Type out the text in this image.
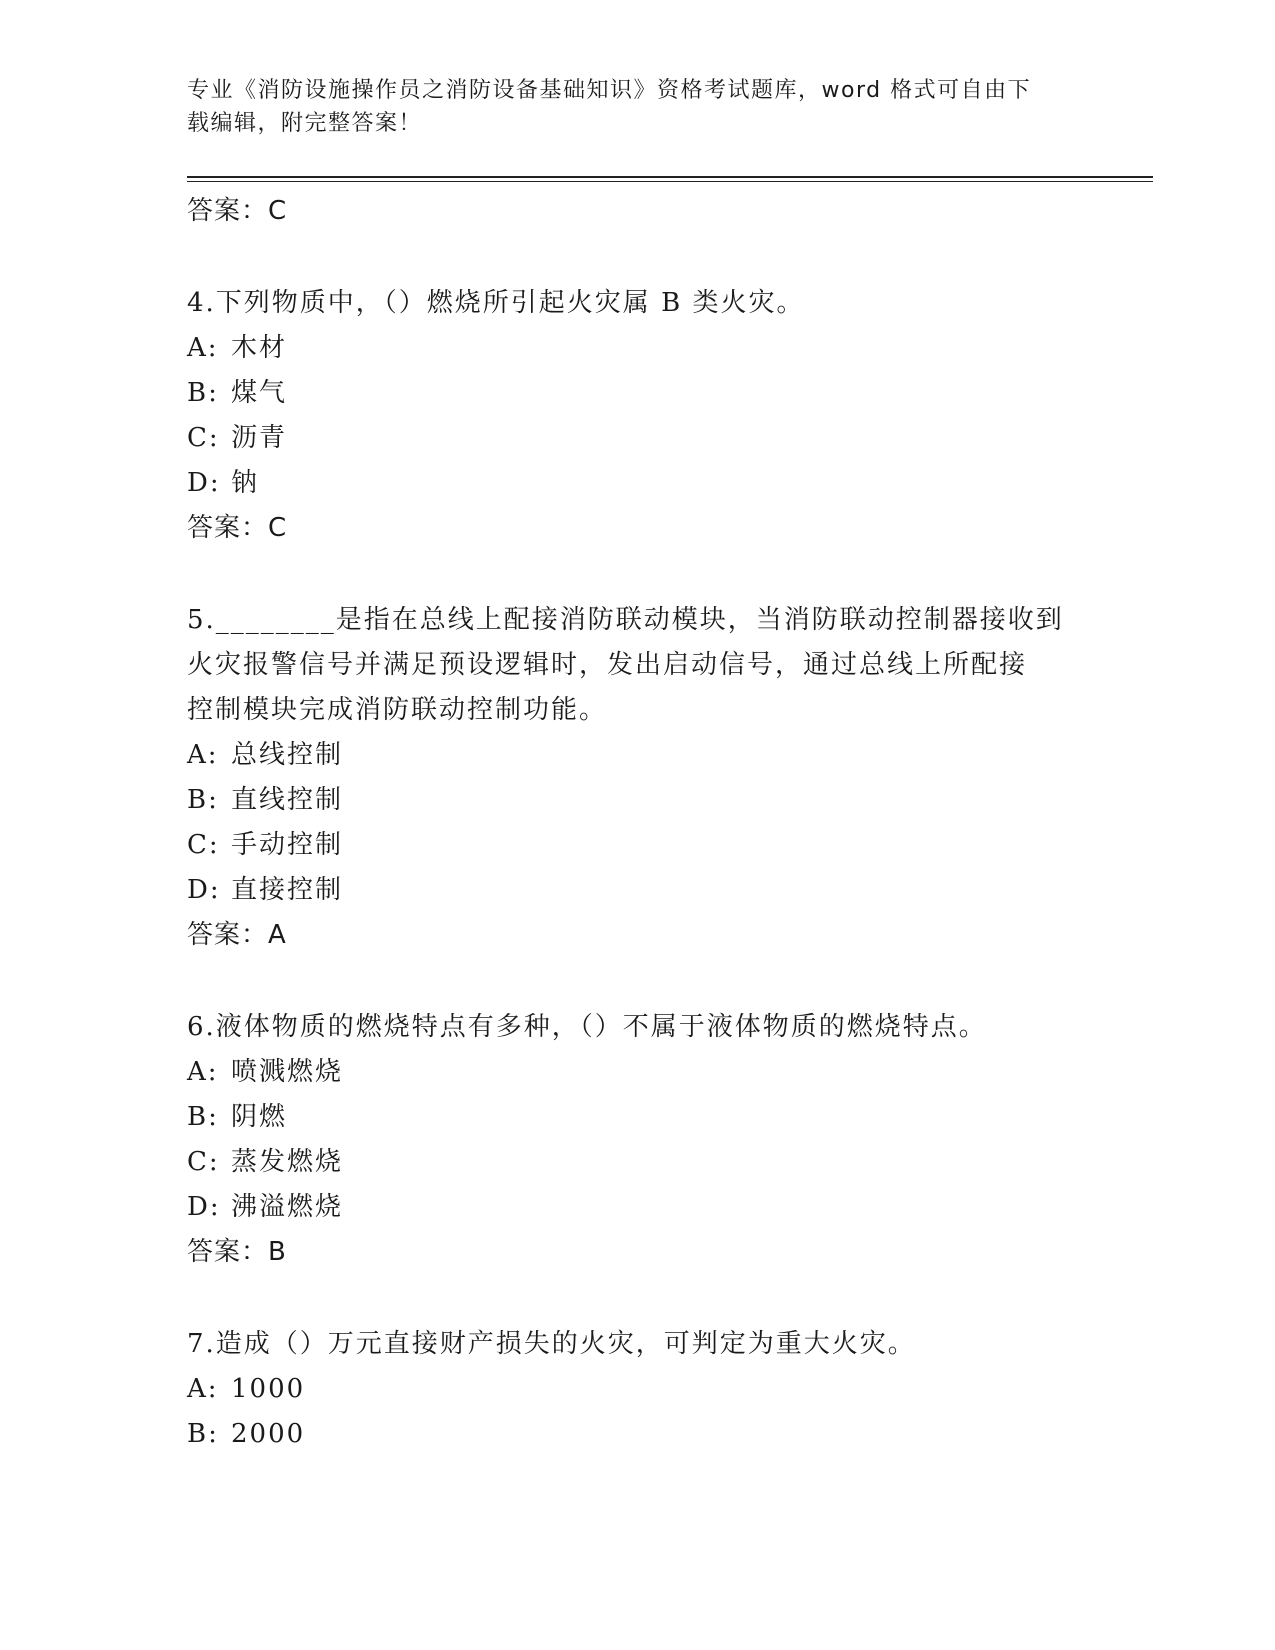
专业《消防设施操作员之消防设备基础知识》资格考试题库，word 格式可自由下
载编辑，附完整答案！
答案：C
4.下列物质中，（）燃烧所引起火灾属 B 类火灾。
A: 木材
B: 煤气
C: 沥青
D: 钠
答案：C
5.________是指在总线上配接消防联动模块，当消防联动控制器接收到
火灾报警信号并满足预设逻辑时，发出启动信号，通过总线上所配接
控制模块完成消防联动控制功能。
A: 总线控制
B: 直线控制
C: 手动控制
D: 直接控制
答案：A
6.液体物质的燃烧特点有多种，（）不属于液体物质的燃烧特点。
A: 喷溅燃烧
B: 阴燃
C: 蒸发燃烧
D: 沸溢燃烧
答案：B
7.造成（）万元直接财产损失的火灾，可判定为重大火灾。
A: 1000
B: 2000
